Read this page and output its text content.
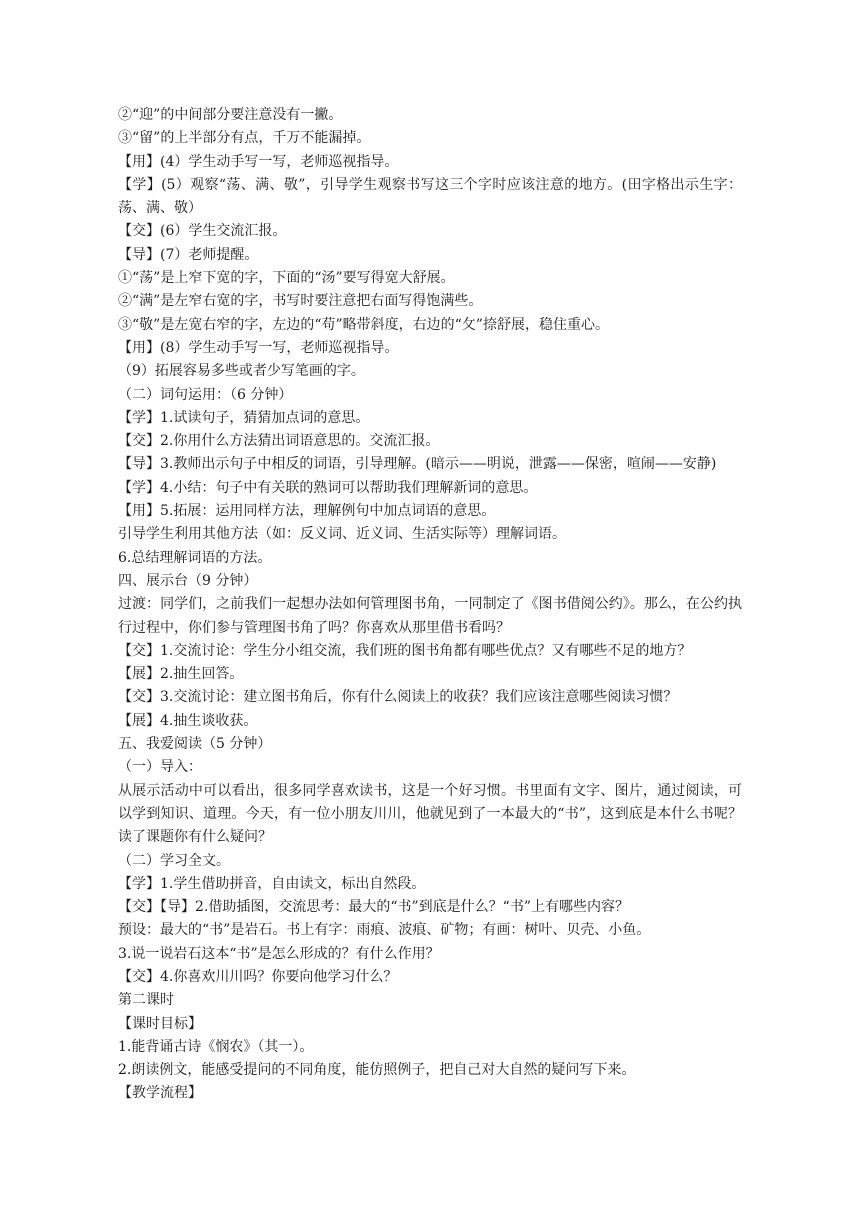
②“迎”的中间部分要注意没有一撇。

③“留”的上半部分有点，千万不能漏掉。

【用】(4）学生动手写一写，老师巡视指导。

【学】(5）观察“荡、满、敬”，引导学生观察书写这三个字时应该注意的地方。(田字格出示生字：荡、满、敬）

【交】(6）学生交流汇报。

【导】(7）老师提醒。

①“荡”是上窄下宽的字，下面的“汤”要写得宽大舒展。

②“满”是左窄右宽的字，书写时要注意把右面写得饱满些。

③“敬”是左宽右窄的字，左边的“苟”略带斜度，右边的“攵”捺舒展，稳住重心。

【用】(8）学生动手写一写，老师巡视指导。

（9）拓展容易多些或者少写笔画的字。

（二）词句运用：（6 分钟）

【学】1.试读句子，猜猜加点词的意思。

【交】2.你用什么方法猜出词语意思的。交流汇报。

【导】3.教师出示句子中相反的词语，引导理解。(暗示——明说，泄露——保密，喧闹——安静)

【学】4.小结：句子中有关联的熟词可以帮助我们理解新词的意思。

【用】5.拓展：运用同样方法，理解例句中加点词语的意思。

引导学生利用其他方法（如：反义词、近义词、生活实际等）理解词语。

6.总结理解词语的方法。

四、展示台（9 分钟）

过渡：同学们，之前我们一起想办法如何管理图书角，一同制定了《图书借阅公约》。那么，在公约执行过程中，你们参与管理图书角了吗？你喜欢从那里借书看吗？

【交】1.交流讨论：学生分小组交流，我们班的图书角都有哪些优点？又有哪些不足的地方？

【展】2.抽生回答。

【交】3.交流讨论：建立图书角后，你有什么阅读上的收获？我们应该注意哪些阅读习惯？

【展】4.抽生谈收获。

五、我爱阅读（5 分钟）

（一）导入：

从展示活动中可以看出，很多同学喜欢读书，这是一个好习惯。书里面有文字、图片，通过阅读，可以学到知识、道理。今天，有一位小朋友川川，他就见到了一本最大的“书”，这到底是本什么书呢？读了课题你有什么疑问？

（二）学习全文。

【学】1.学生借助拼音，自由读文，标出自然段。

【交】【导】2.借助插图，交流思考：最大的“书”到底是什么？“书”上有哪些内容？

预设：最大的“书”是岩石。书上有字：雨痕、波痕、矿物；有画：树叶、贝壳、小鱼。

3.说一说岩石这本“书”是怎么形成的？有什么作用？

【交】4.你喜欢川川吗？你要向他学习什么？

第二课时

【课时目标】

1.能背诵古诗《悯农》（其一）。

2.朗读例文，能感受提问的不同角度，能仿照例子，把自己对大自然的疑问写下来。

【教学流程】
